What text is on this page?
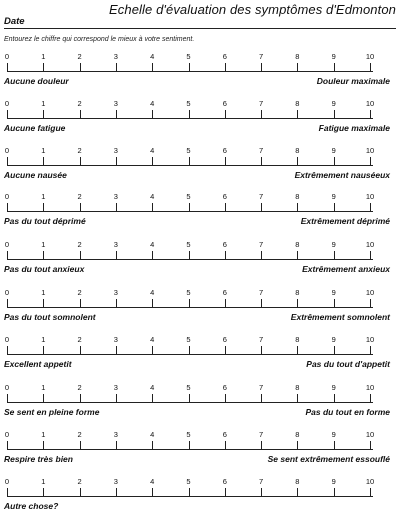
Echelle d'évaluation des symptômes d'Edmonton
Date
Entourez le chiffre qui correspond le mieux à votre sentiment.
0	1	2	3	4	5	6	7	8	9	10
Aucune douleur	Douleur maximale
0	1	2	3	4	5	6	7	8	9	10
Aucune fatigue	Fatigue maximale
0	1	2	3	4	5	6	7	8	9	10
Aucune nausée	Extrêmement nauséeux
0	1	2	3	4	5	6	7	8	9	10
Pas du tout déprimé	Extrêmement déprimé
0	1	2	3	4	5	6	7	8	9	10
Pas du tout anxieux	Extrêmement anxieux
0	1	2	3	4	5	6	7	8	9	10
Pas du tout somnolent	Extrêmement somnolent
0	1	2	3	4	5	6	7	8	9	10
Excellent appetit	Pas du tout d'appetit
0	1	2	3	4	5	6	7	8	9	10
Se sent en pleine forme	Pas du tout en forme
0	1	2	3	4	5	6	7	8	9	10
Respire très bien	Se sent extrêmement essouflé
0	1	2	3	4	5	6	7	8	9	10
Autre chose?
